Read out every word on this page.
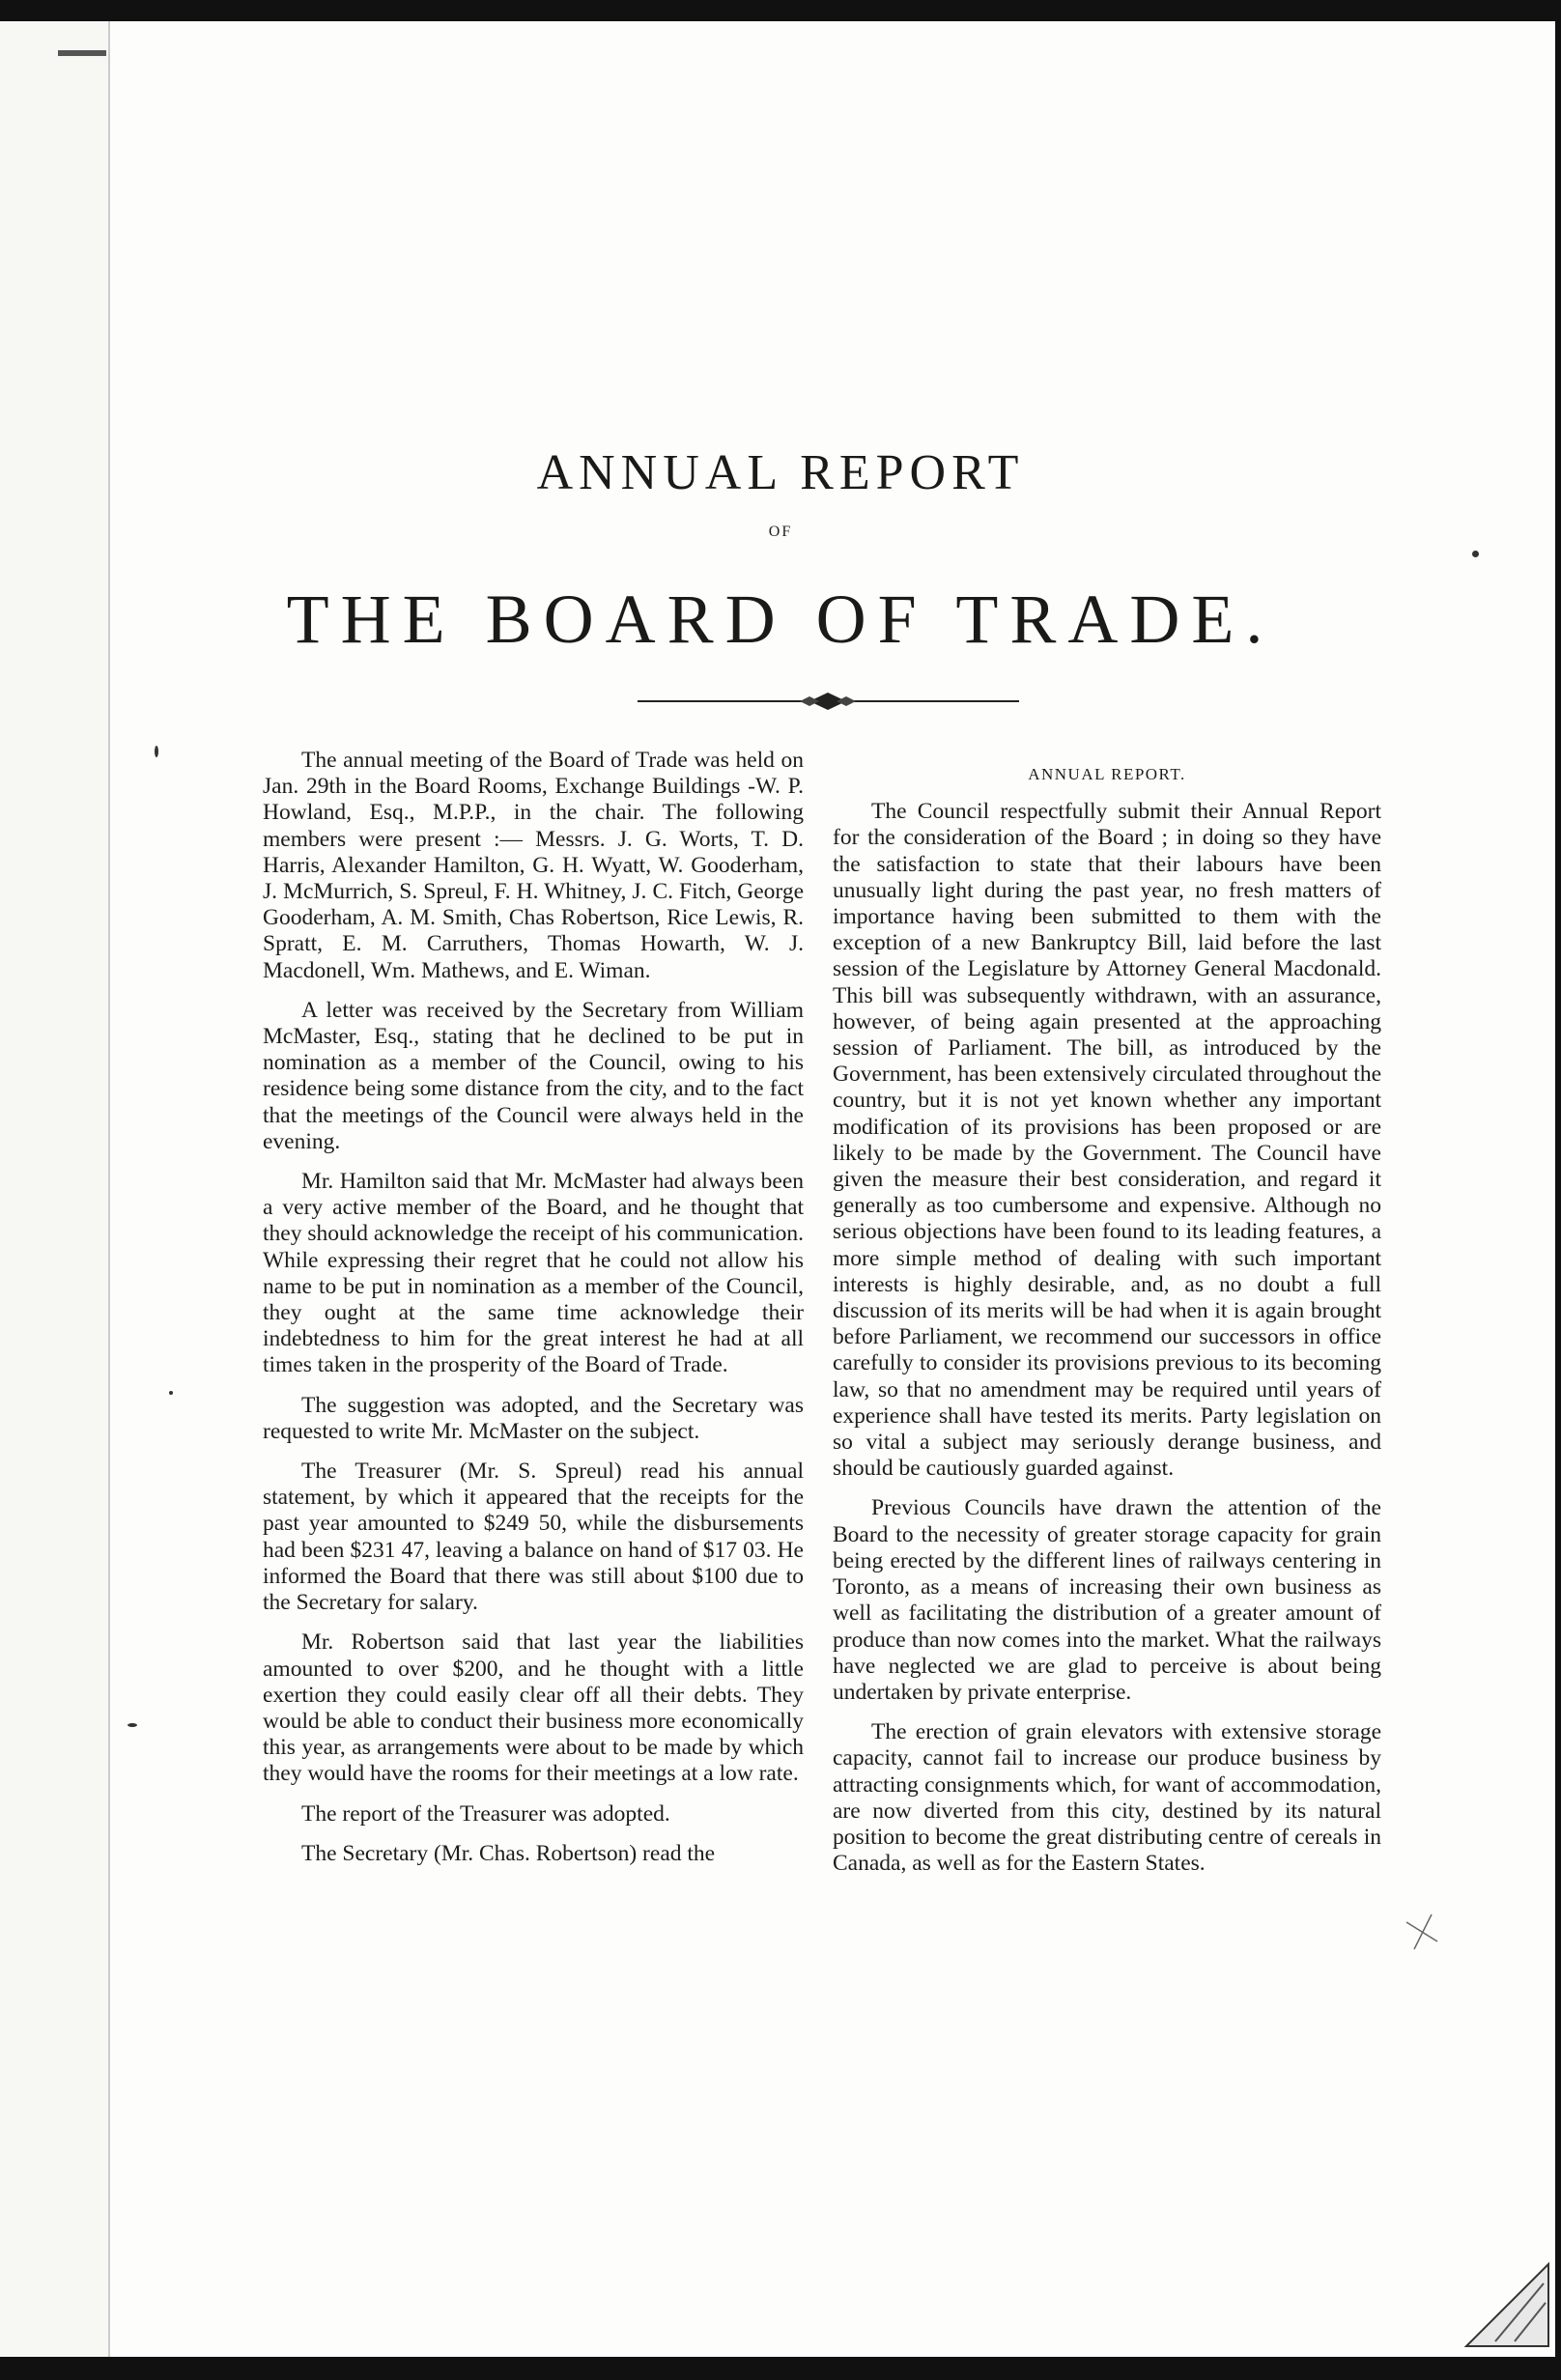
ANNUAL REPORT
OF
THE BOARD OF TRADE.

The annual meeting of the Board of Trade was held on Jan. 29th in the Board Rooms, Exchange Buildings -W. P. Howland, Esq., M.P.P., in the chair. The following members were present :— Messrs. J. G. Worts, T. D. Harris, Alexander Hamilton, G. H. Wyatt, W. Gooderham, J. McMurrich, S. Spreul, F. H. Whitney, J. C. Fitch, George Gooderham, A. M. Smith, Chas Robertson, Rice Lewis, R. Spratt, E. M. Carruthers, Thomas Howarth, W. J. Macdonell, Wm. Mathews, and E. Wiman.

A letter was received by the Secretary from William McMaster, Esq., stating that he declined to be put in nomination as a member of the Council, owing to his residence being some distance from the city, and to the fact that the meetings of the Council were always held in the evening.

Mr. Hamilton said that Mr. McMaster had always been a very active member of the Board, and he thought that they should acknowledge the receipt of his communication. While expressing their regret that he could not allow his name to be put in nomination as a member of the Council, they ought at the same time acknowledge their indebtedness to him for the great interest he had at all times taken in the prosperity of the Board of Trade.

The suggestion was adopted, and the Secretary was requested to write Mr. McMaster on the subject.

The Treasurer (Mr. S. Spreul) read his annual statement, by which it appeared that the receipts for the past year amounted to $249 50, while the disbursements had been $231 47, leaving a balance on hand of $17 03. He informed the Board that there was still about $100 due to the Secretary for salary.

Mr. Robertson said that last year the liabilities amounted to over $200, and he thought with a little exertion they could easily clear off all their debts. They would be able to conduct their business more economically this year, as arrangements were about to be made by which they would have the rooms for their meetings at a low rate.

The report of the Treasurer was adopted.

The Secretary (Mr. Chas. Robertson) read the

ANNUAL REPORT.

The Council respectfully submit their Annual Report for the consideration of the Board ; in doing so they have the satisfaction to state that their labours have been unusually light during the past year, no fresh matters of importance having been submitted to them with the exception of a new Bankruptcy Bill, laid before the last session of the Legislature by Attorney General Macdonald. This bill was subsequently withdrawn, with an assurance, however, of being again presented at the approaching session of Parliament. The bill, as introduced by the Government, has been extensively circulated throughout the country, but it is not yet known whether any important modification of its provisions has been proposed or are likely to be made by the Government. The Council have given the measure their best consideration, and regard it generally as too cumbersome and expensive. Although no serious objections have been found to its leading features, a more simple method of dealing with such important interests is highly desirable, and, as no doubt a full discussion of its merits will be had when it is again brought before Parliament, we recommend our successors in office carefully to consider its provisions previous to its becoming law, so that no amendment may be required until years of experience shall have tested its merits. Party legislation on so vital a subject may seriously derange business, and should be cautiously guarded against.

Previous Councils have drawn the attention of the Board to the necessity of greater storage capacity for grain being erected by the different lines of railways centering in Toronto, as a means of increasing their own business as well as facilitating the distribution of a greater amount of produce than now comes into the market. What the railways have neglected we are glad to perceive is about being undertaken by private enterprise.

The erection of grain elevators with extensive storage capacity, cannot fail to increase our produce business by attracting consignments which, for want of accommodation, are now diverted from this city, destined by its natural position to become the great distributing centre of cereals in Canada, as well as for the Eastern States.
